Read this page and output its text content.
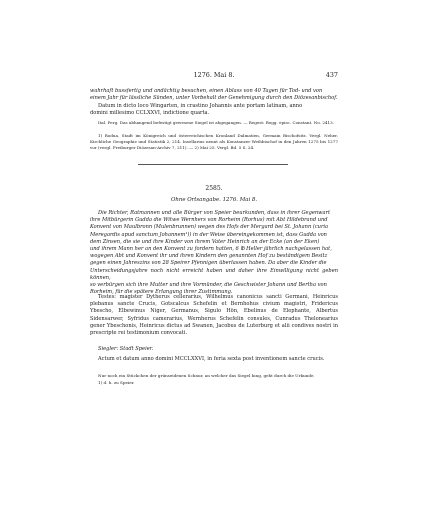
1276. Mai 8.	437

wahrhaft bussfertig und andächtig besuchen, einen Ablass von 40 Tagen für Tod- und von

einem Jahr für lässliche Sünden, unter Vorbehalt der Genehmigung durch den Diözesanbischof.

Datum in dicto loco Wingarten, in crastino Johannis ante portam latinam, anno

domini millesimo CCLXXVI, indictione quarta.

Ital. Perg. Das abhangend befestigt gewesene Siegel ist abgegangen. — Regest: Regg. episc. Constant. No. 2413.

1) Rodua, Stadt im Königreich und österreichischen Kronland Dalmatien, Germain Bischofsitz. Vergl. Neher, Kirchliche Geographie und Statistik 2, 214. Insellarius nennt als Konstanzer Weihbischof in den Jahren 1275 bis 1277 vor (vergl. Freiburger Diözesan-Archiv 7, 211). — 2) Mai 25. Vergl. Bd. 5 S. 24.

2585.
Ohne Ortsangabe. 1276. Mai 8.

Die Richter, Ratmannen und alle Bürger von Speier beurkunden, dass in ihrer Gegenwart

ihre Mitbürgerin Gudda die Witwe Wernhers von Rorheim (Rorhus) mit Abt Hildebrand und

Konvent von Maulbronn (Mulenbrunnen) wegen des Hofs der Mergard bei St. Johann (curia

Meregardis apud sanctum Johannem¹)) in der Weise übereingekommen ist, dass Gudda von

dem Zinsen, die sie und ihre Kinder von ihrem Vater Heinrich an der Ecke (an der Eken)

und ihrem Mann her an den Konvent zu fordern hatten, 6 ℔ Heller jährlich nachgelassen hat,

wogegen Abt und Konvent ihr und ihren Kindern den genannten Hof zu beständigem Besitz

gegen einen Jahreszins von 28 Speirer Pfennigen überlassen haben. Da aber die Kinder die

Unterscheidungsjahre noch nicht erreicht haben und daher ihre Einwilligung nicht geben können,

so verbürgen sich ihre Mutter und ihre Vormünder, die Geschwister Johann und Bertha von

Rorheim, für die spätere Erlangung ihrer Zustimmung.

Testes: magister Dytherus cellerarius, Wilhelmus canonicus sancti Germani, Heinricus plebanus sancte Crucis, Gotscalcus Schefelin et Bernhohus civium magistri, Fridericus Ybescho, Elbewinus Niger, Germanus, Sigulo Hön, Ebelinus de Elephante, Albertus Sidensarwer, Syfridus camerarius, Wernherus Schefelin consules, Cunradus Thelonearius gener Ybeschonis, Heinricus dictus ad Swanen, Jacobus de Luterburg et alii condives nostri in prescripte rei testimonium convocati.

Siegler: Stadt Speier.

Actum et datum anno domini MCCLXXVI, in feria sexta post inventionem sancte crucis.

Nur noch ein Stückchen der grünseidenen Schnur, an welcher das Siegel hing, geht durch die Urkunde.

1) d. h. zu Speier.
